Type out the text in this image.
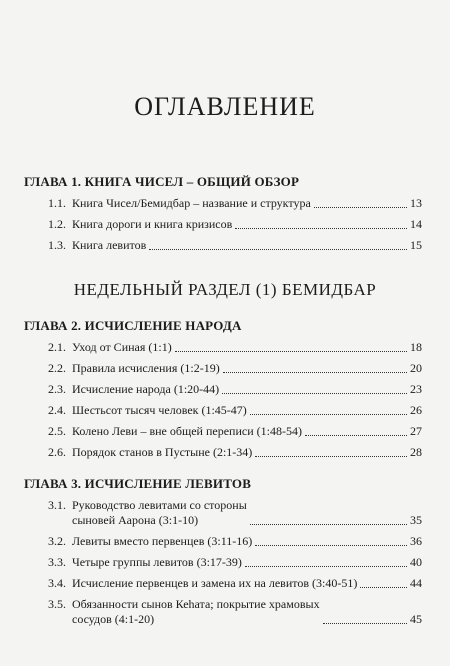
ОГЛАВЛЕНИЕ
ГЛАВА 1. КНИГА ЧИСЕЛ – ОБЩИЙ ОБЗОР
1.1. Книга Чисел/Бемидбар – название и структура	13
1.2. Книга дороги и книга кризисов	14
1.3. Книга левитов	15
НЕДЕЛЬНЫЙ РАЗДЕЛ (1) БЕМИДБАР
ГЛАВА 2. ИСЧИСЛЕНИЕ НАРОДА
2.1. Уход от Синая (1:1)	18
2.2. Правила исчисления (1:2-19)	20
2.3. Исчисление народа (1:20-44)	23
2.4. Шестьсот тысяч человек (1:45-47)	26
2.5. Колено Леви – вне общей переписи (1:48-54)	27
2.6. Порядок станов в Пустыне (2:1-34)	28
ГЛАВА 3. ИСЧИСЛЕНИЕ ЛЕВИТОВ
3.1. Руководство левитами со стороны
сыновей Аарона (3:1-10)	35
3.2. Левиты вместо первенцев (3:11-16)	36
3.3. Четыре группы левитов (3:17-39)	40
3.4. Исчисление первенцев и замена их на левитов (3:40-51)	44
3.5. Обязанности сынов Кеhата; покрытие храмовых
сосудов (4:1-20)	45
